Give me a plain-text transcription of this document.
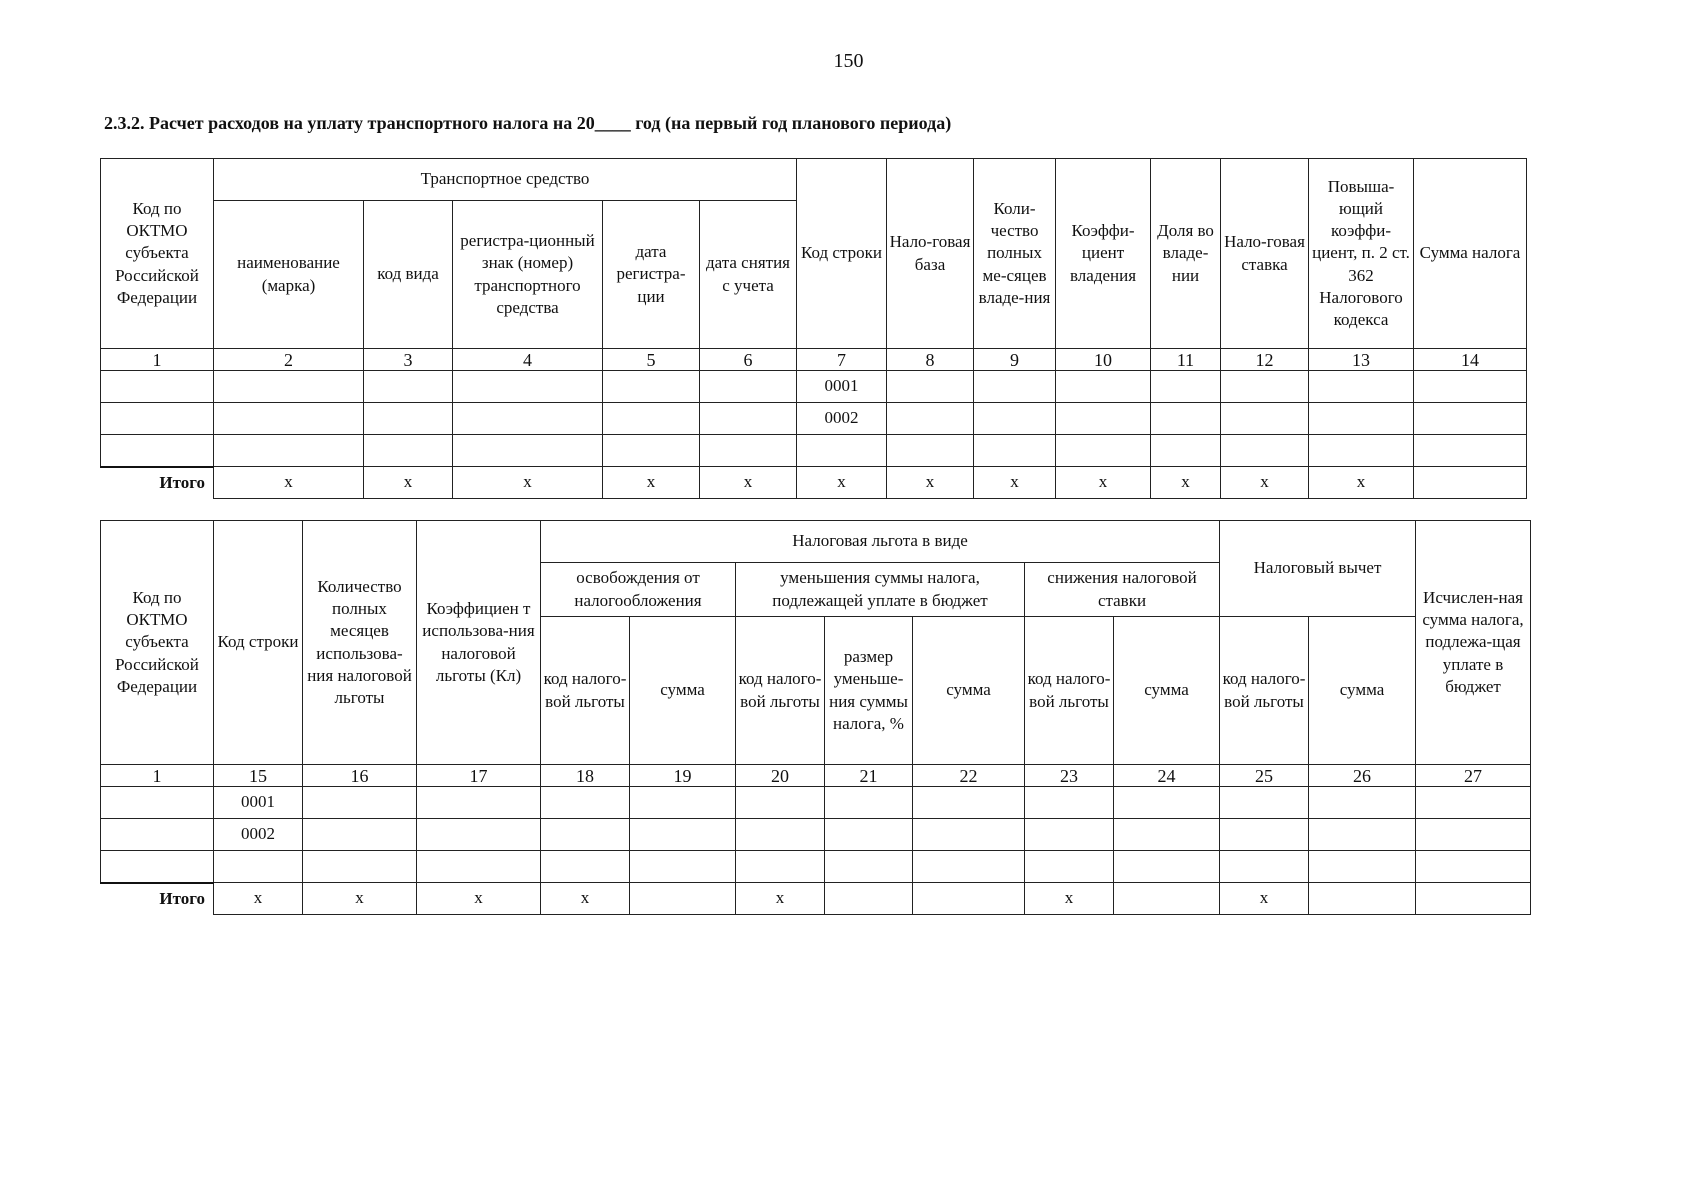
150
2.3.2. Расчет расходов на уплату транспортного налога на 20____ год (на первый год планового периода)
Код по ОКТМО субъекта Российской Федерации	Транспортное средство					Код строки	Нало-говая база	Коли-чество полных ме-сяцев владе-ния	Коэффи-циент владения	Доля во владе-нии	Нало-говая ставка	Повыша-ющий коэффи-циент, п. 2 ст. 362 Налогового кодекса	Сумма налога
	наименование (марка)	код вида	регистра-ционный знак (номер) транспортного средства	дата регистра-ции	дата снятия с учета								
1	2	3	4	5	6	7	8	9	10	11	12	13	14
						0001							
						0002							

Итого	x	x	x	x	x	x	x	x	x	x	x	x	
Код по ОКТМО субъекта Российской Федерации	Код строки	Количество полных месяцев использова-ния налоговой льготы	Коэффициен т использова-ния налоговой льготы (Кл)	Налоговая льгота в виде							Налоговый вычет		Исчислен-ная сумма налога, подлежа-щая уплате в бюджет
				освобождения от налогообложения		уменьшения суммы налога, подлежащей уплате в бюджет			снижения налоговой ставки				
				код налого-вой льготы	сумма	код налого-вой льготы	размер уменьше-ния суммы налога, %	сумма	код налого-вой льготы	сумма	код налого-вой льготы	сумма	
1	15	16	17	18	19	20	21	22	23	24	25	26	27
	0001												
	0002												

Итого	x	x	x	x		x			x		x		
